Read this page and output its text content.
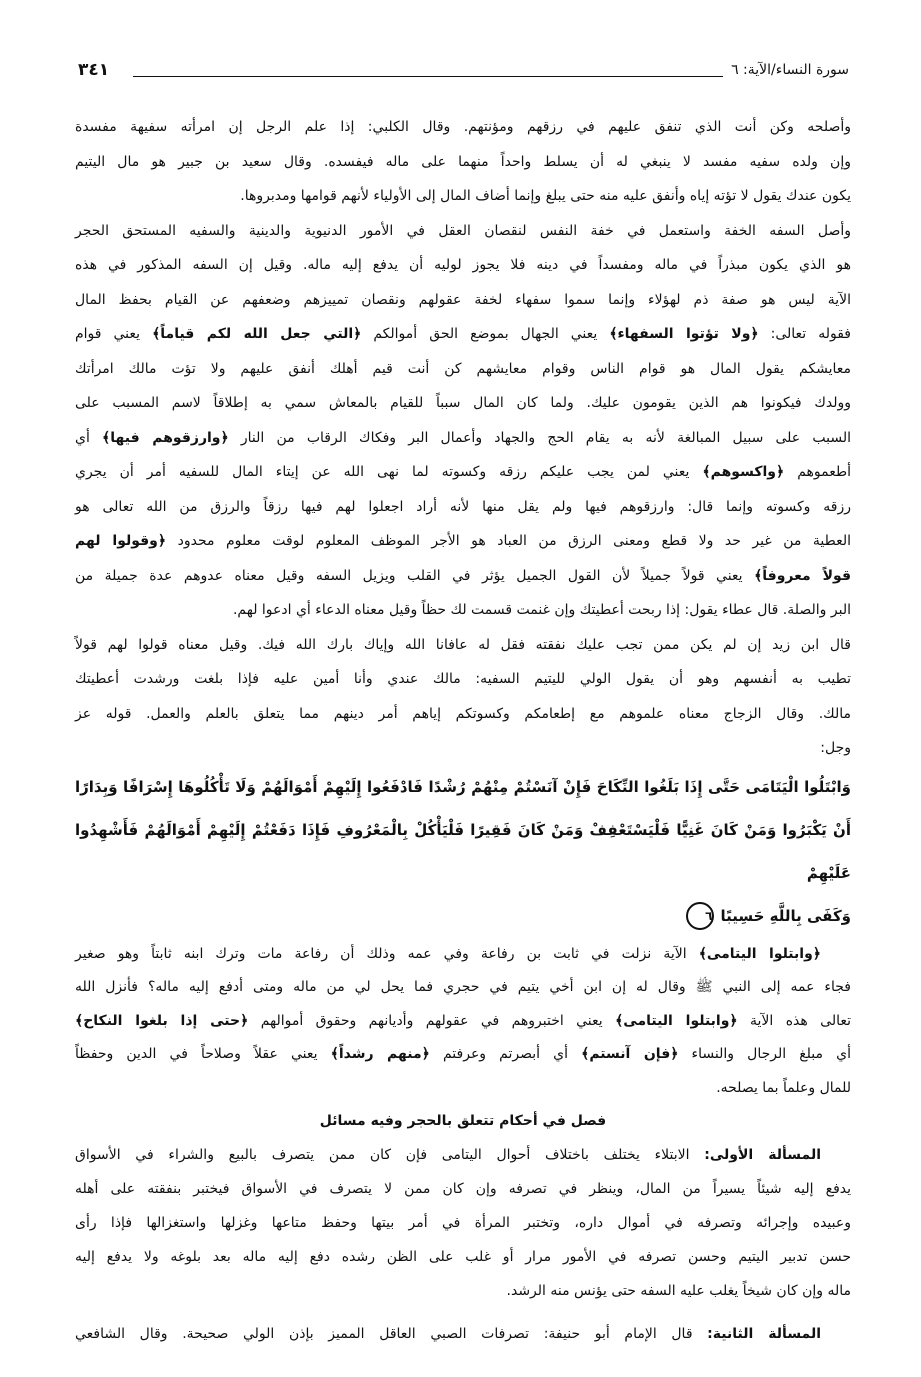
سورة النساء/الآية: ٦
٣٤١
وأصلحه وكن أنت الذي تنفق عليهم في رزقهم ومؤنتهم. وقال الكلبي: إذا علم الرجل إن امرأته سفيهة مفسدة
وإن ولده سفيه مفسد لا ينبغي له أن يسلط واحداً منهما على ماله فيفسده. وقال سعيد بن جبير هو مال اليتيم
يكون عندك يقول لا تؤته إياه وأنفق عليه منه حتى يبلغ وإنما أضاف المال إلى الأولياء لأنهم قوامها ومدبروها.
وأصل السفه الخفة واستعمل في خفة النفس لنقصان العقل في الأمور الدنيوية والدينية والسفيه المستحق الحجر
هو الذي يكون مبذراً في ماله ومفسداً في دينه فلا يجوز لوليه أن يدفع إليه ماله. وقيل إن السفه المذكور في هذه
الآية ليس هو صفة ذم لهؤلاء وإنما سموا سفهاء لخفة عقولهم ونقصان تمييزهم وضعفهم عن القيام بحفظ المال
فقوله تعالى: ﴿ولا تؤتوا السفهاء﴾ يعني الجهال بموضع الحق أموالكم ﴿التي جعل الله لكم قياماً﴾ يعني قوام
معايشكم يقول المال هو قوام الناس وقوام معايشهم كن أنت قيم أهلك أنفق عليهم ولا تؤت مالك امرأتك
وولدك فيكونوا هم الذين يقومون عليك. ولما كان المال سبباً للقيام بالمعاش سمي به إطلاقاً لاسم المسبب على
السبب على سبيل المبالغة لأنه به يقام الحج والجهاد وأعمال البر وفكاك الرقاب من النار ﴿وارزقوهم فيها﴾ أي
أطعموهم ﴿واكسوهم﴾ يعني لمن يجب عليكم رزقه وكسوته لما نهى الله عن إيتاء المال للسفيه أمر أن يجري
رزقه وكسوته وإنما قال: وارزقوهم فيها ولم يقل منها لأنه أراد اجعلوا لهم فيها رزقاً والرزق من الله تعالى هو
العطية من غير حد ولا قطع ومعنى الرزق من العباد هو الأجر الموظف المعلوم لوقت معلوم محدود ﴿وقولوا لهم
قولاً معروفاً﴾ يعني قولاً جميلاً لأن القول الجميل يؤثر في القلب ويزيل السفه وقيل معناه عدوهم عدة جميلة من
البر والصلة. قال عطاء يقول: إذا ربحت أعطيتك وإن غنمت قسمت لك حظاً وقيل معناه الدعاء أي ادعوا لهم.
قال ابن زيد إن لم يكن ممن تجب عليك نفقته فقل له عافانا الله وإياك بارك الله فيك. وقيل معناه قولوا لهم قولاً
تطيب به أنفسهم وهو أن يقول الولي لليتيم السفيه: مالك عندي وأنا أمين عليه فإذا بلغت ورشدت أعطيتك
مالك. وقال الزجاج معناه علموهم مع إطعامكم وكسوتكم إياهم أمر دينهم مما يتعلق بالعلم والعمل. قوله عز
وجل:
وَابْتَلُوا الْيَتَامَى حَتَّى إِذَا بَلَغُوا النِّكَاحَ فَإِنْ آنَسْتُمْ مِنْهُمْ رُشْدًا فَادْفَعُوا إِلَيْهِمْ أَمْوَالَهُمْ وَلَا تَأْكُلُوهَا إِسْرَافًا وَبِدَارًا
أَنْ يَكْبَرُوا وَمَنْ كَانَ غَنِيًّا فَلْيَسْتَعْفِفْ وَمَنْ كَانَ فَقِيرًا فَلْيَأْكُلْ بِالْمَعْرُوفِ فَإِذَا دَفَعْتُمْ إِلَيْهِمْ أَمْوَالَهُمْ فَأَشْهِدُوا عَلَيْهِمْ
وَكَفَى بِاللَّهِ حَسِيبًا٦
﴿وابتلوا اليتامى﴾ الآية نزلت في ثابت بن رفاعة وفي عمه وذلك أن رفاعة مات وترك ابنه ثابتاً وهو صغير
فجاء عمه إلى النبي ﷺ وقال له إن ابن أخي يتيم في حجري فما يحل لي من ماله ومتى أدفع إليه ماله؟ فأنزل الله
تعالى هذه الآية ﴿وابتلوا اليتامى﴾ يعني اختبروهم في عقولهم وأديانهم وحقوق أموالهم ﴿حتى إذا بلغوا النكاح﴾
أي مبلغ الرجال والنساء ﴿فإن آنستم﴾ أي أبصرتم وعرفتم ﴿منهم رشداً﴾ يعني عقلاً وصلاحاً في الدين وحفظاً
للمال وعلماً بما يصلحه.
فصل في أحكام تتعلق بالحجر وفيه مسائل
المسألة الأولى: الابتلاء يختلف باختلاف أحوال اليتامى فإن كان ممن يتصرف بالبيع والشراء في الأسواق
يدفع إليه شيئاً يسيراً من المال، وينظر في تصرفه وإن كان ممن لا يتصرف في الأسواق فيختبر بنفقته على أهله
وعبيده وإجرائه وتصرفه في أموال داره، وتختبر المرأة في أمر بيتها وحفظ متاعها وغزلها واستغزالها فإذا رأى
حسن تدبير اليتيم وحسن تصرفه في الأمور مرار أو غلب على الظن رشده دفع إليه ماله بعد بلوغه ولا يدفع إليه
ماله وإن كان شيخاً يغلب عليه السفه حتى يؤنس منه الرشد.
المسألة الثانية: قال الإمام أبو حنيفة: تصرفات الصبي العاقل المميز بإذن الولي صحيحة. وقال الشافعي
